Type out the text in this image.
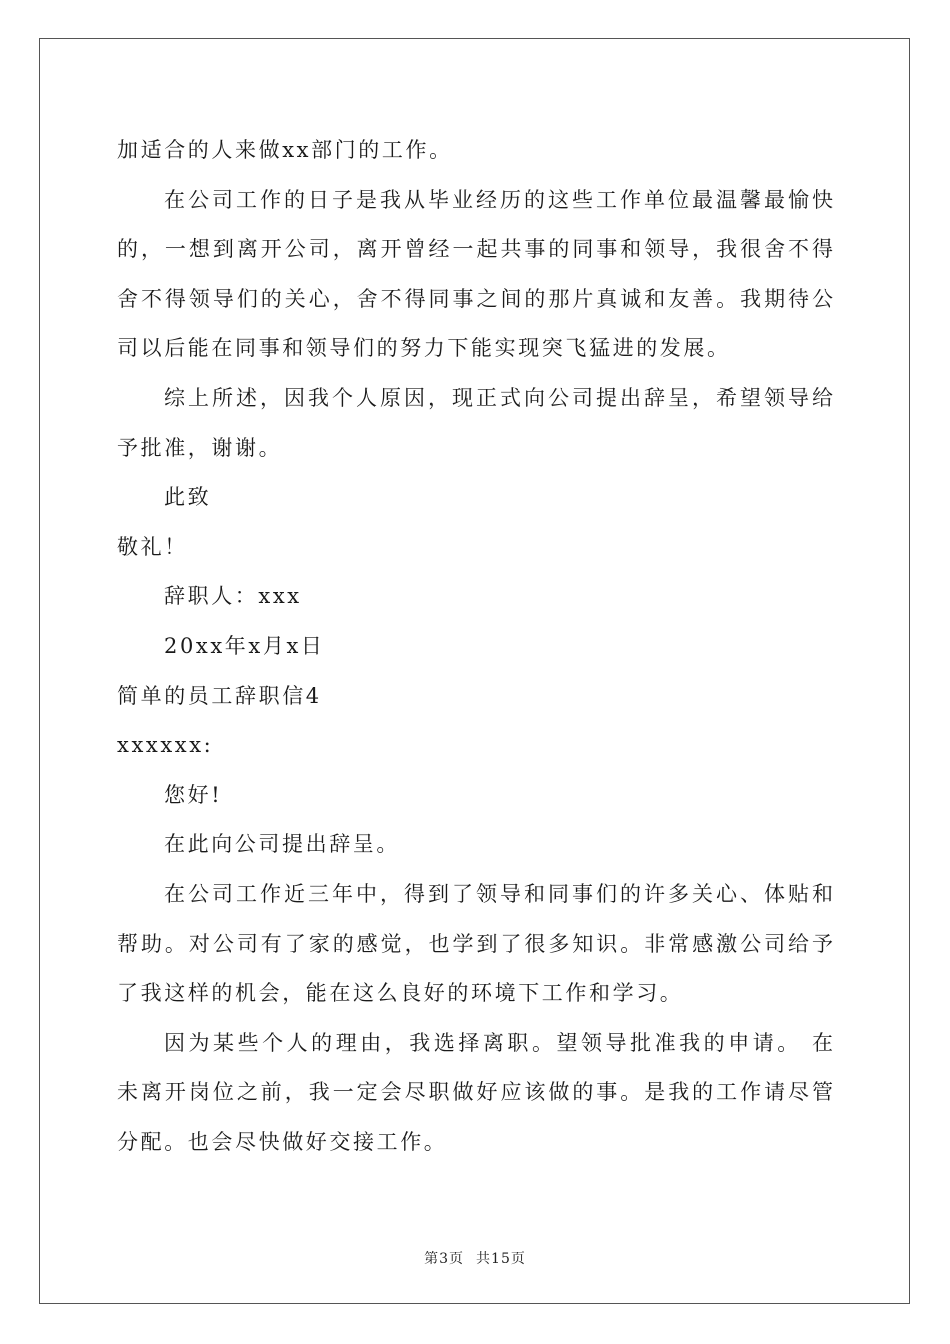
加适合的人来做xx部门的工作。
在公司工作的日子是我从毕业经历的这些工作单位最温馨最愉快
的，一想到离开公司，离开曾经一起共事的同事和领导，我很舍不得
舍不得领导们的关心，舍不得同事之间的那片真诚和友善。我期待公
司以后能在同事和领导们的努力下能实现突飞猛进的发展。
综上所述，因我个人原因，现正式向公司提出辞呈，希望领导给
予批准，谢谢。
此致
敬礼！
辞职人：xxx
20xx年x月x日
简单的员工辞职信4
xxxxxx:
您好!
在此向公司提出辞呈。
在公司工作近三年中，得到了领导和同事们的许多关心、体贴和
帮助。对公司有了家的感觉，也学到了很多知识。非常感激公司给予
了我这样的机会，能在这么良好的环境下工作和学习。
因为某些个人的理由，我选择离职。望领导批准我的申请。 在
未离开岗位之前，我一定会尽职做好应该做的事。是我的工作请尽管
分配。也会尽快做好交接工作。
第3页 共15页
